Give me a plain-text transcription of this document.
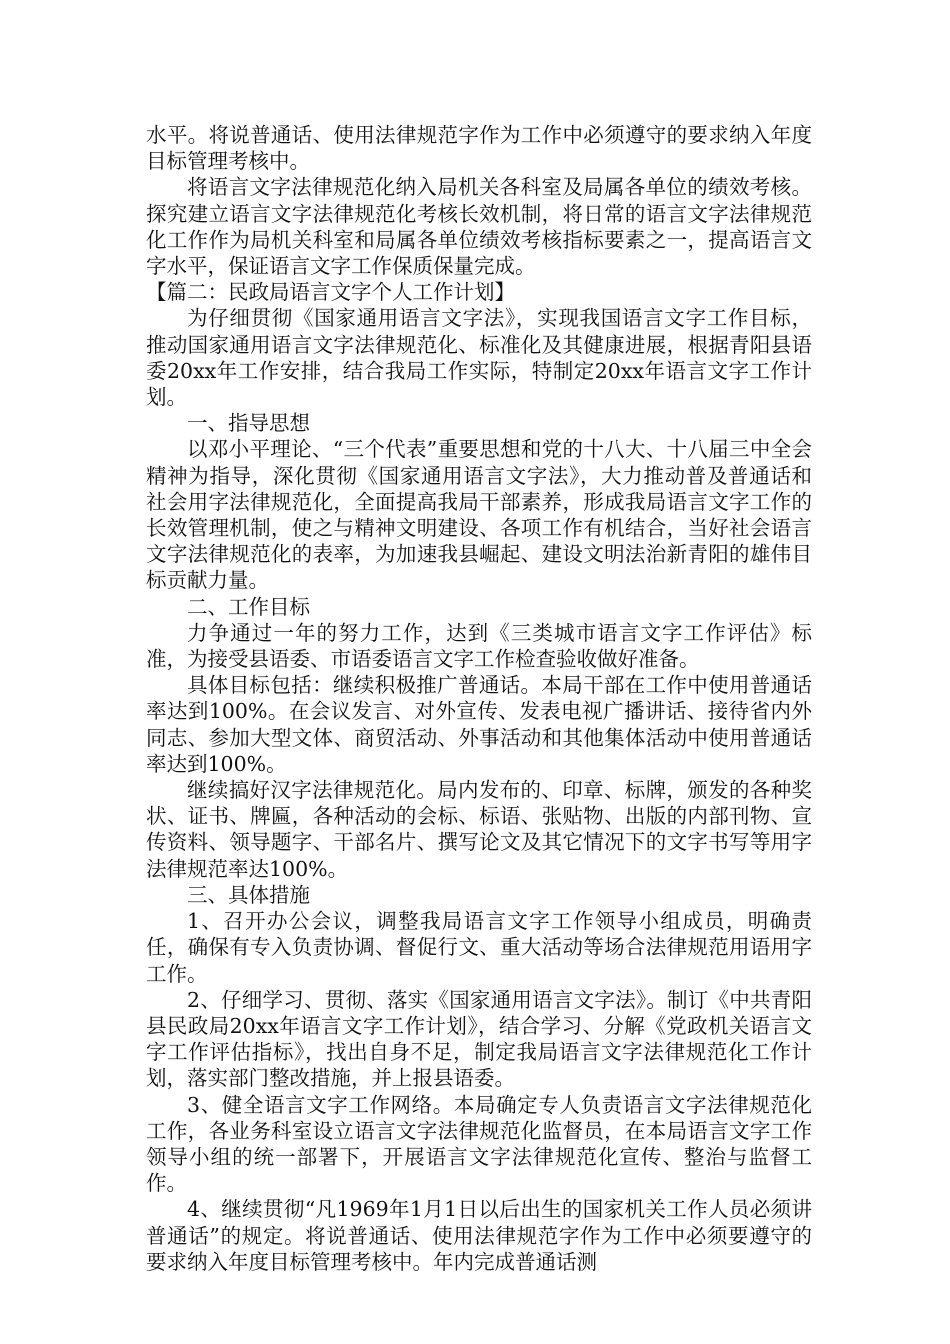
水平。将说普通话、使用法律规范字作为工作中必须遵守的要求纳入年度目标管理考核中。

将语言文字法律规范化纳入局机关各科室及局属各单位的绩效考核。探究建立语言文字法律规范化考核长效机制，将日常的语言文字法律规范化工作作为局机关科室和局属各单位绩效考核指标要素之一，提高语言文字水平，保证语言文字工作保质保量完成。

【篇二：民政局语言文字个人工作计划】

为仔细贯彻《国家通用语言文字法》，实现我国语言文字工作目标，推动国家通用语言文字法律规范化、标准化及其健康进展，根据青阳县语委20xx年工作安排，结合我局工作实际，特制定20xx年语言文字工作计划。

一、指导思想

以邓小平理论、“三个代表”重要思想和党的十八大、十八届三中全会精神为指导，深化贯彻《国家通用语言文字法》，大力推动普及普通话和社会用字法律规范化，全面提高我局干部素养，形成我局语言文字工作的长效管理机制，使之与精神文明建设、各项工作有机结合，当好社会语言文字法律规范化的表率，为加速我县崛起、建设文明法治新青阳的雄伟目标贡献力量。

二、工作目标

力争通过一年的努力工作，达到《三类城市语言文字工作评估》标准，为接受县语委、市语委语言文字工作检查验收做好准备。

具体目标包括：继续积极推广普通话。本局干部在工作中使用普通话率达到100%。在会议发言、对外宣传、发表电视广播讲话、接待省内外同志、参加大型文体、商贸活动、外事活动和其他集体活动中使用普通话率达到100%。

继续搞好汉字法律规范化。局内发布的、印章、标牌，颁发的各种奖状、证书、牌匾，各种活动的会标、标语、张贴物、出版的内部刊物、宣传资料、领导题字、干部名片、撰写论文及其它情况下的文字书写等用字法律规范率达100%。

三、具体措施

1、召开办公会议，调整我局语言文字工作领导小组成员，明确责任，确保有专入负责协调、督促行文、重大活动等场合法律规范用语用字工作。

2、仔细学习、贯彻、落实《国家通用语言文字法》。制订《中共青阳县民政局20xx年语言文字工作计划》，结合学习、分解《党政机关语言文字工作评估指标》，找出自身不足，制定我局语言文字法律规范化工作计划，落实部门整改措施，并上报县语委。

3、健全语言文字工作网络。本局确定专人负责语言文字法律规范化工作，各业务科室设立语言文字法律规范化监督员，在本局语言文字工作领导小组的统一部署下，开展语言文字法律规范化宣传、整治与监督工作。

4、继续贯彻“凡1969年1月1日以后出生的国家机关工作人员必须讲普通话”的规定。将说普通话、使用法律规范字作为工作中必须要遵守的要求纳入年度目标管理考核中。年内完成普通话测
